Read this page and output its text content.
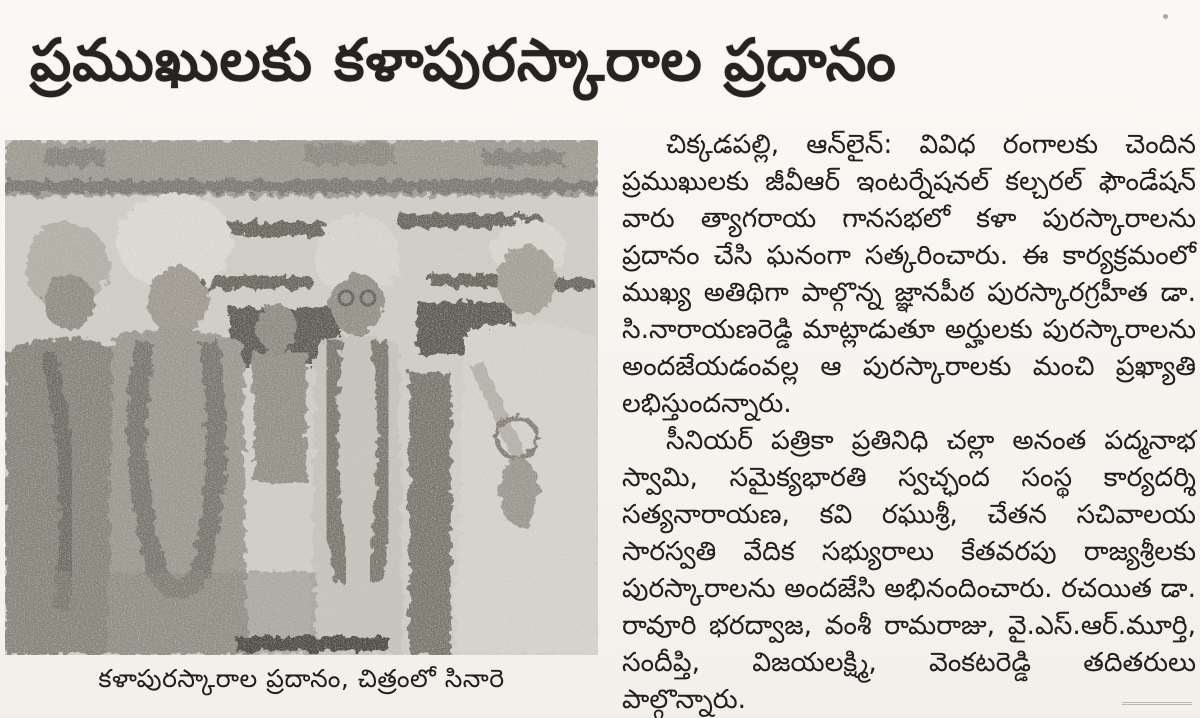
ప్రముఖులకు కళాపురస్కారాల ప్రదానం
కళాపురస్కారాల ప్రదానం, చిత్రంలో సినారె

చిక్కడపల్లి, ఆన్‌లైన్: వివిధ రంగాలకు చెందిన ప్రముఖులకు జీవీఆర్ ఇంటర్నేషనల్ కల్చరల్ ఫౌండేషన్ వారు త్యాగరాయ గానసభలో కళా పురస్కారాలను ప్రదానం చేసి ఘనంగా సత్కరించారు. ఈ కార్యక్రమంలో ముఖ్య అతిథిగా పాల్గొన్న జ్ఞానపీఠ పురస్కారగ్రహీత డా. సి.నారాయణరెడ్డి మాట్లాడుతూ అర్హులకు పురస్కారాలను అందజేయడంవల్ల ఆ పురస్కారాలకు మంచి ప్రఖ్యాతి లభిస్తుందన్నారు.

సీనియర్ పత్రికా ప్రతినిధి చల్లా అనంత పద్మనాభ స్వామి, సమైక్యభారతి స్వచ్ఛంద సంస్థ కార్యదర్శి సత్యనారాయణ, కవి రఘుశ్రీ, చేతన సచివాలయ సారస్వతి వేదిక సభ్యురాలు కేతవరపు రాజ్యశ్రీలకు పురస్కారాలను అందజేసి అభినందించారు. రచయిత డా. రావూరి భరద్వాజ, వంశీ రామరాజు, వై.ఎస్.ఆర్.మూర్తి, సందీప్తి, విజయలక్ష్మి, వెంకటరెడ్డి తదితరులు పాల్గొన్నారు.
